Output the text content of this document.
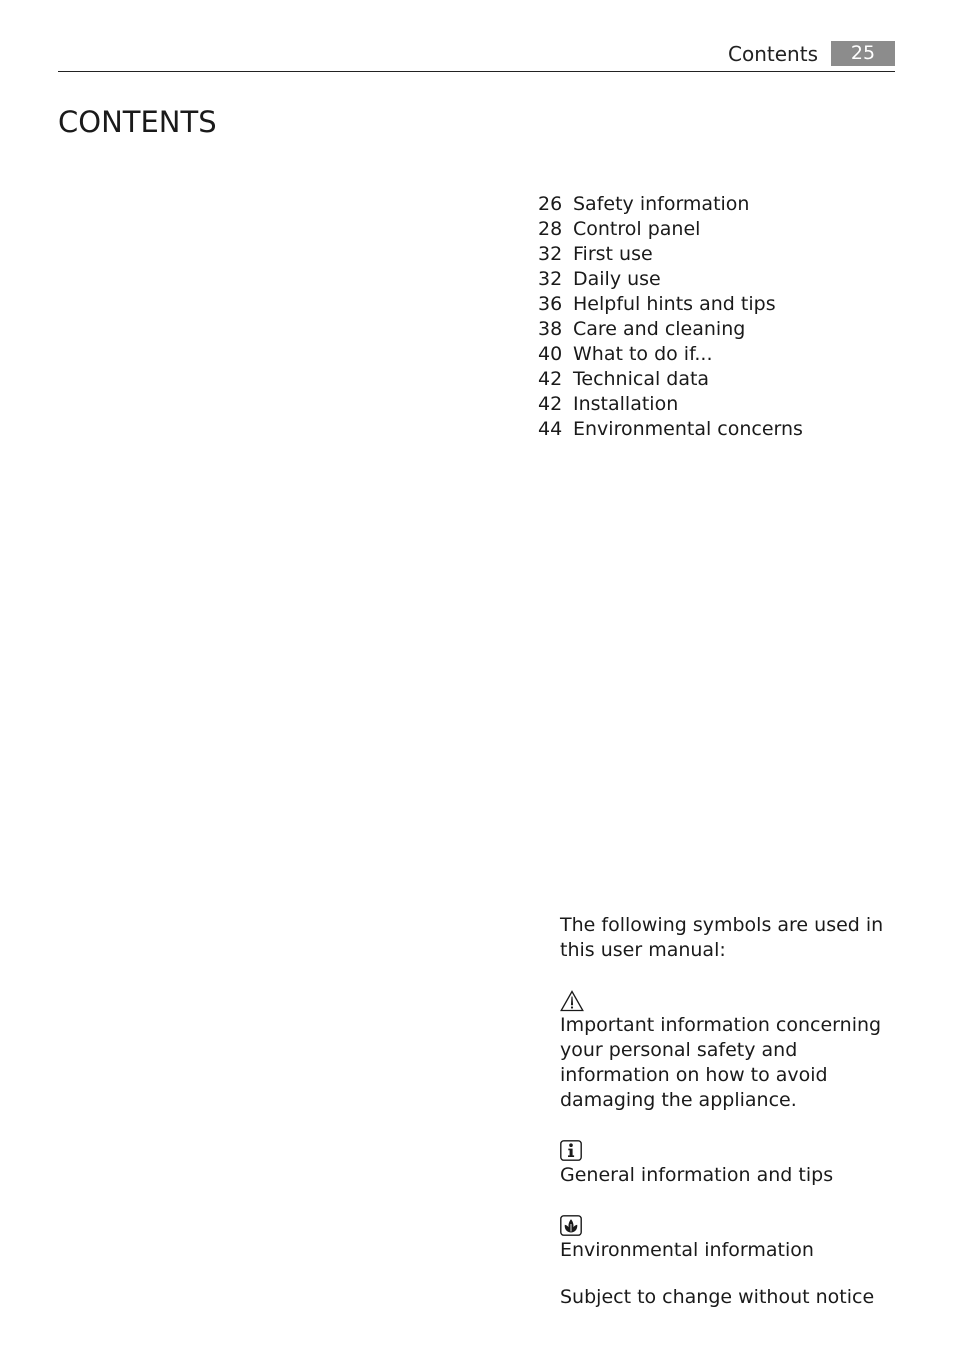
Contents	25
CONTENTS
26 Safety information
28 Control panel
32 First use
32 Daily use
36 Helpful hints and tips
38 Care and cleaning
40 What to do if...
42 Technical data
42 Installation
44 Environmental concerns

The following symbols are used in this user manual:

Important information concerning your personal safety and information on how to avoid damaging the appliance.

General information and tips

Environmental information

Subject to change without notice
